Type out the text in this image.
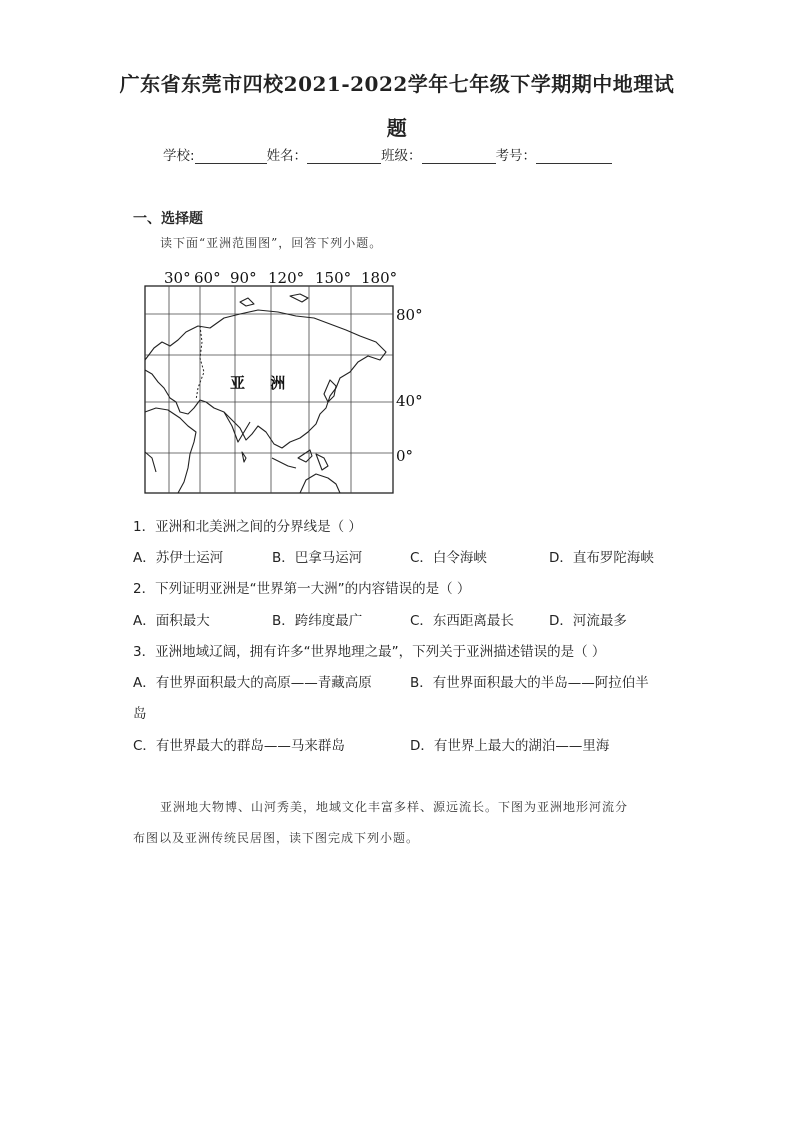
广东省东莞市四校2021-2022学年七年级下学期期中地理试
题
学校:	姓名：	班级：	考号：
一、选择题
读下面“亚洲范围图”，回答下列小题。
30° 60° 90° 120° 150° 180°
80°
40°
0°
亚 洲
1．亚洲和北美洲之间的分界线是（ ）
A．苏伊士运河	B．巴拿马运河	C．白令海峡	D．直布罗陀海峡
2．下列证明亚洲是“世界第一大洲”的内容错误的是（ ）
A．面积最大	B．跨纬度最广	C．东西距离最长	D．河流最多
3．亚洲地域辽阔，拥有许多“世界地理之最”，下列关于亚洲描述错误的是（ ）
A．有世界面积最大的高原——青藏高原	B．有世界面积最大的半岛——阿拉伯半
岛
C．有世界最大的群岛——马来群岛	D．有世界上最大的湖泊——里海
亚洲地大物博、山河秀美，地域文化丰富多样、源远流长。下图为亚洲地形河流分
布图以及亚洲传统民居图，读下图完成下列小题。
